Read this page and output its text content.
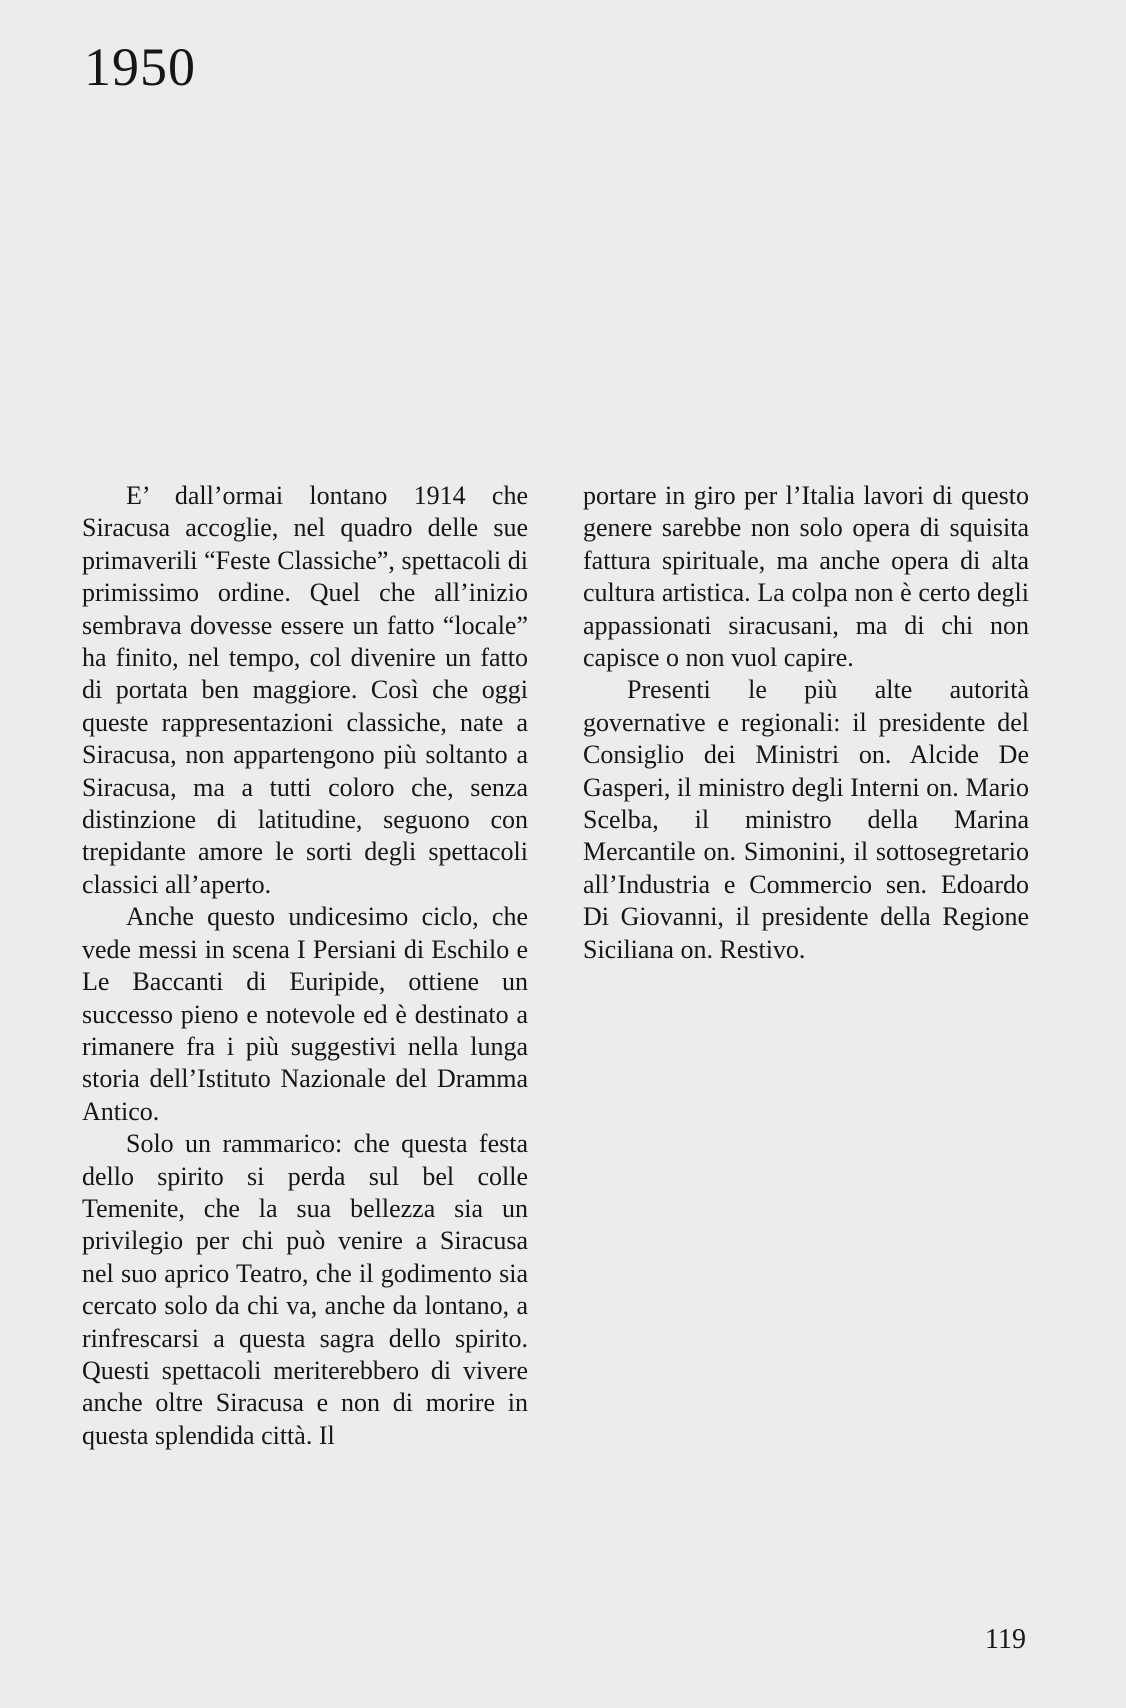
1950

E’ dall’ormai lontano 1914 che Siracusa accoglie, nel quadro delle sue primaverili “Feste Classiche”, spettacoli di primissimo ordine. Quel che all’inizio sembrava dovesse essere un fatto “locale” ha finito, nel tempo, col divenire un fatto di portata ben maggiore. Così che oggi queste rappresentazioni classiche, nate a Siracusa, non appartengono più soltanto a Siracusa, ma a tutti coloro che, senza distinzione di latitudine, seguono con trepidante amore le sorti degli spettacoli classici all’aperto.

Anche questo undicesimo ciclo, che vede messi in scena I Persiani di Eschilo e Le Baccanti di Euripide, ottiene un successo pieno e notevole ed è destinato a rimanere fra i più suggestivi nella lunga storia dell’Istituto Nazionale del Dramma Antico.

Solo un rammarico: che questa festa dello spirito si perda sul bel colle Temenite, che la sua bellezza sia un privilegio per chi può venire a Siracusa nel suo aprico Teatro, che il godimento sia cercato solo da chi va, anche da lontano, a rinfrescarsi a questa sagra dello spirito. Questi spettacoli meriterebbero di vivere anche oltre Siracusa e non di morire in questa splendida città. Il

portare in giro per l’Italia lavori di questo genere sarebbe non solo opera di squisita fattura spirituale, ma anche opera di alta cultura artistica. La colpa non è certo degli appassionati siracusani, ma di chi non capisce o non vuol capire.

Presenti le più alte autorità governative e regionali: il presidente del Consiglio dei Ministri on. Alcide De Gasperi, il ministro degli Interni on. Mario Scelba, il ministro della Marina Mercantile on. Simonini, il sottosegretario all’Industria e Commercio sen. Edoardo Di Giovanni, il presidente della Regione Siciliana on. Restivo.

119
